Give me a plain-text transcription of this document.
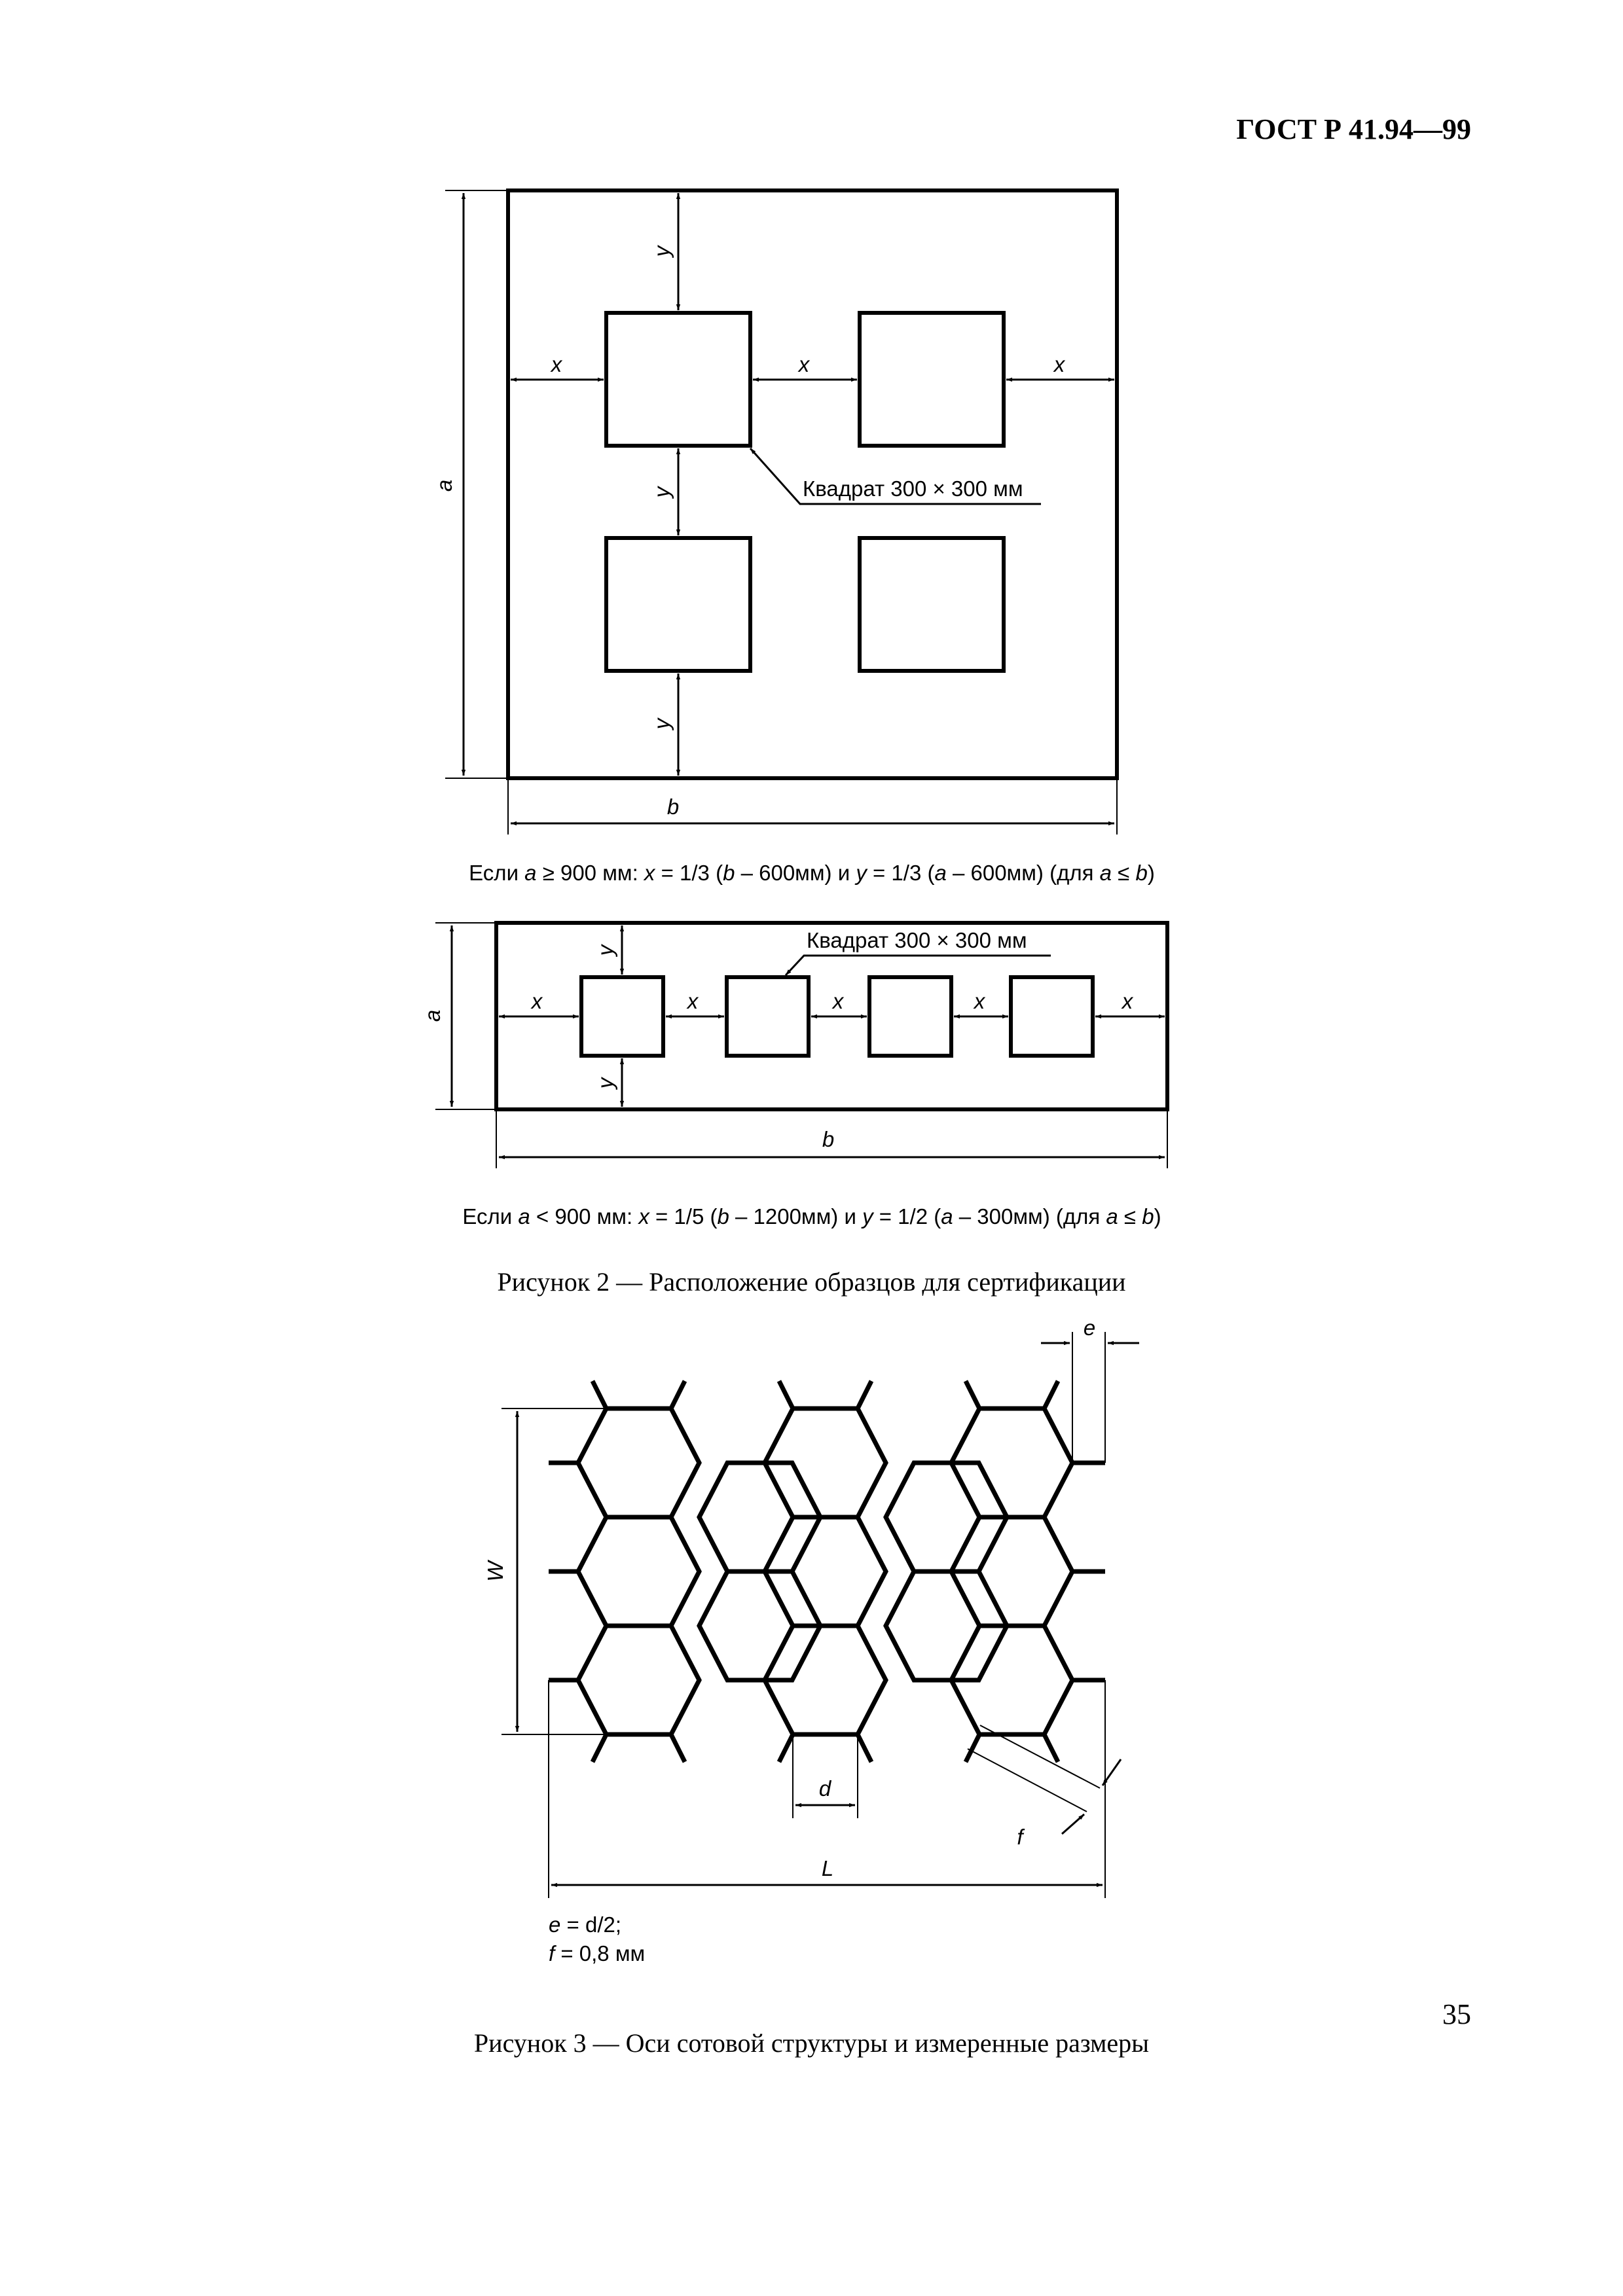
ГОСТ Р 41.94—99
a
b
x	x	x
y
y
y
Квадрат 300 × 300 мм
Если a ≥ 900 мм: x = 1/3 (b – 600мм) и y = 1/3 (a – 600мм) (для a ≤ b)
a
b
x	x	x	x	x
y
y
Квадрат 300 × 300 мм
Если a < 900 мм: x = 1/5 (b – 1200мм) и y = 1/2 (a – 300мм) (для a ≤ b)
e
W
d
f
L
e = d/2;
f = 0,8 мм
Рисунок 2 — Расположение образцов для сертификации
Рисунок 3 — Оси сотовой структуры и измеренные размеры
35
